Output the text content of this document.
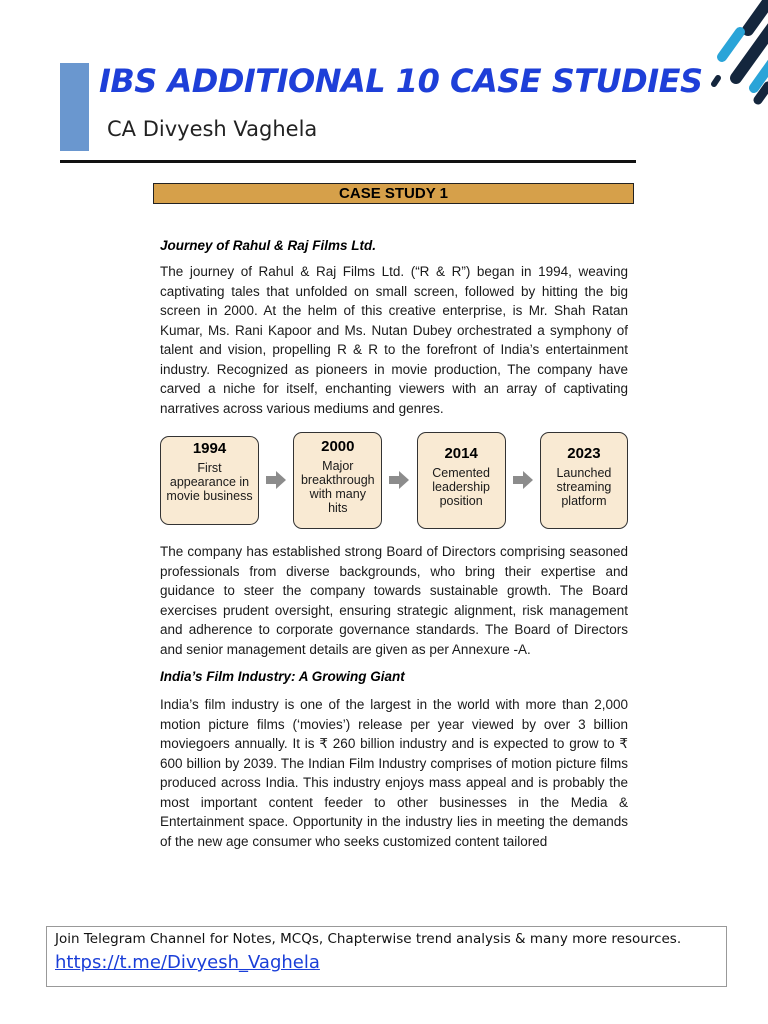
IBS ADDITIONAL 10 CASE STUDIES

CA Divyesh Vaghela

CASE STUDY 1

Journey of Rahul & Raj Films Ltd.

The journey of Rahul & Raj Films Ltd. (“R & R”) began in 1994, weaving captivating tales that unfolded on small screen, followed by hitting the big screen in 2000. At the helm of this creative enterprise, is Mr. Shah Ratan Kumar, Ms. Rani Kapoor and Ms. Nutan Dubey orchestrated a symphony of talent and vision, propelling R & R to the forefront of India’s entertainment industry. Recognized as pioneers in movie production, The company have carved a niche for itself, enchanting viewers with an array of captivating narratives across various mediums and genres.

1994
First appearance in movie business
2000
Major breakthrough with many hits
2014
Cemented leadership position
2023
Launched streaming platform

The company has established strong Board of Directors comprising seasoned professionals from diverse backgrounds, who bring their expertise and guidance to steer the company towards sustainable growth. The Board exercises prudent oversight, ensuring strategic alignment, risk management and adherence to corporate governance standards. The Board of Directors and senior management details are given as per Annexure -A.

India’s Film Industry: A Growing Giant

India’s film industry is one of the largest in the world with more than 2,000 motion picture films (‘movies’) release per year viewed by over 3 billion moviegoers annually. It is ₹ 260 billion industry and is expected to grow to ₹ 600 billion by 2039. The Indian Film Industry comprises of motion picture films produced across India. This industry enjoys mass appeal and is probably the most important content feeder to other businesses in the Media & Entertainment space. Opportunity in the industry lies in meeting the demands of the new age consumer who seeks customized content tailored

Join Telegram Channel for Notes, MCQs, Chapterwise trend analysis & many more resources.
https://t.me/Divyesh_Vaghela
